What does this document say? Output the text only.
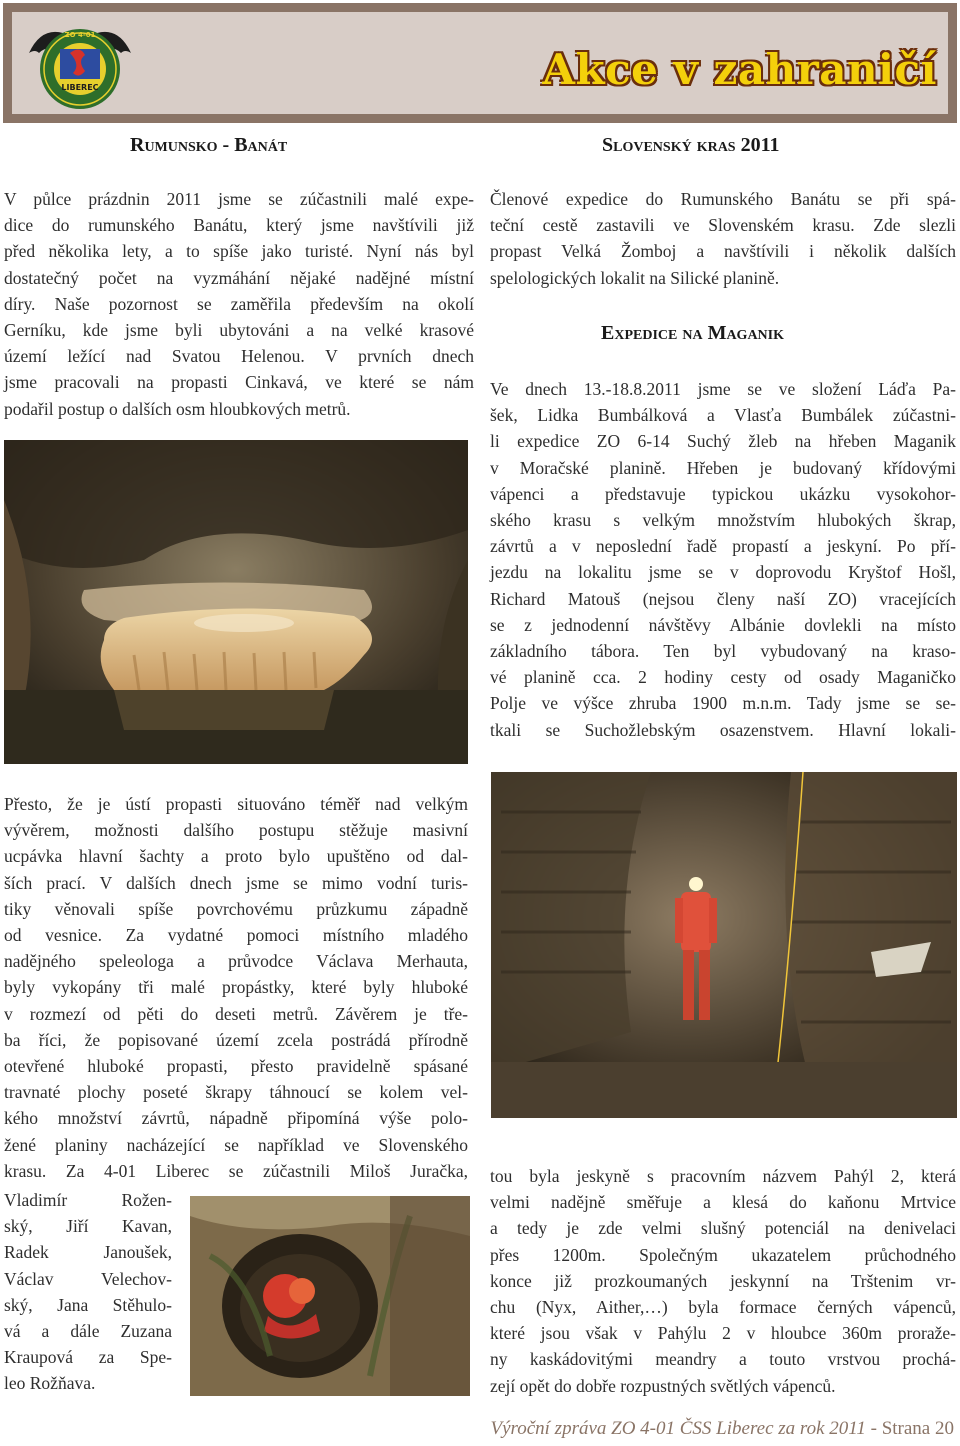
LIBEREC
ZO 4-01
Akce v zahraničí
Rumunsko - Banát
V půlce prázdnin 2011 jsme se zúčastnili malé expe-
dice do rumunského Banátu, který jsme navštívili již
před několika lety, a to spíše jako turisté. Nyní nás byl
dostatečný počet na vyzmáhání nějaké nadějné místní
díry. Naše pozornost se zaměřila především na okolí
Gerníku, kde jsme byli ubytováni a na velké krasové
území ležící nad Svatou Helenou. V prvních dnech
jsme pracovali na propasti Cinkavá, ve které se nám
podařil postup o dalších osm hloubkových metrů.
Přesto, že je ústí propasti situováno téměř nad velkým
vývěrem, možnosti dalšího postupu stěžuje masivní
ucpávka hlavní šachty a proto bylo upuštěno od dal-
ších prací. V dalších dnech jsme se mimo vodní turis-
tiky věnovali spíše povrchovému průzkumu západně
od vesnice. Za vydatné pomoci místního mladého
nadějného speleologa a průvodce Václava Merhauta,
byly vykopány tři malé propástky, které byly hluboké
v rozmezí od pěti do deseti metrů. Závěrem je tře-
ba říci, že popisované území zcela postrádá přírodně
otevřené hluboké propasti, přesto pravidelně spásané
travnaté plochy poseté škrapy táhnoucí se kolem vel-
kého množství závrtů, nápadně připomíná výše polo-
žené planiny nacházející se například ve Slovenského
krasu. Za 4-01 Liberec se zúčastnili Miloš Juračka,
Vladimír Rožen-
ský, Jiří Kavan,
Radek Janoušek,
Václav Velechov-
ský, Jana Stěhulo-
vá a dále Zuzana
Kraupová za Spe-
leo Rožňava.
Slovenský kras 2011
Členové expedice do Rumunského Banátu se při spá-
teční cestě zastavili ve Slovenském krasu. Zde slezli
propast Velká Žomboj a navštívili i několik dalších
spelologických lokalit na Silické planině.
Expedice na Maganik
Ve dnech 13.-18.8.2011 jsme se ve složení Láďa Pa-
šek, Lidka Bumbálková a Vlasťa Bumbálek zúčastni-
li expedice ZO 6-14 Suchý žleb na hřeben Maganik
v Moračské planině. Hřeben je budovaný křídovými
vápenci a představuje typickou ukázku vysokohor-
ského krasu s velkým množstvím hlubokých škrap,
závrtů a v neposlední řadě propastí a jeskyní. Po pří-
jezdu na lokalitu jsme se v doprovodu Kryštof Hošl,
Richard Matouš (nejsou členy naší ZO) vracejících
se z jednodenní návštěvy Albánie dovlekli na místo
základního tábora. Ten byl vybudovaný na kraso-
vé planině cca. 2 hodiny cesty od osady Maganičko
Polje ve výšce zhruba 1900 m.n.m. Tady jsme se se-
tkali se Suchožlebským osazenstvem. Hlavní lokali-
tou byla jeskyně s pracovním názvem Pahýl 2, která
velmi nadějně směřuje a klesá do kaňonu Mrtvice
a tedy je zde velmi slušný potenciál na denivelaci
přes 1200m. Společným ukazatelem průchodného
konce již prozkoumaných jeskynní na Trštenim vr-
chu (Nyx, Aither,…) byla formace černých vápenců,
které jsou však v Pahýlu 2 v hloubce 360m proraže-
ny kaskádovitými meandry a touto vrstvou prochá-
zejí opět do dobře rozpustných světlých vápenců.
Výroční zpráva ZO 4-01 ČSS Liberec za rok 2011 - Strana 20
